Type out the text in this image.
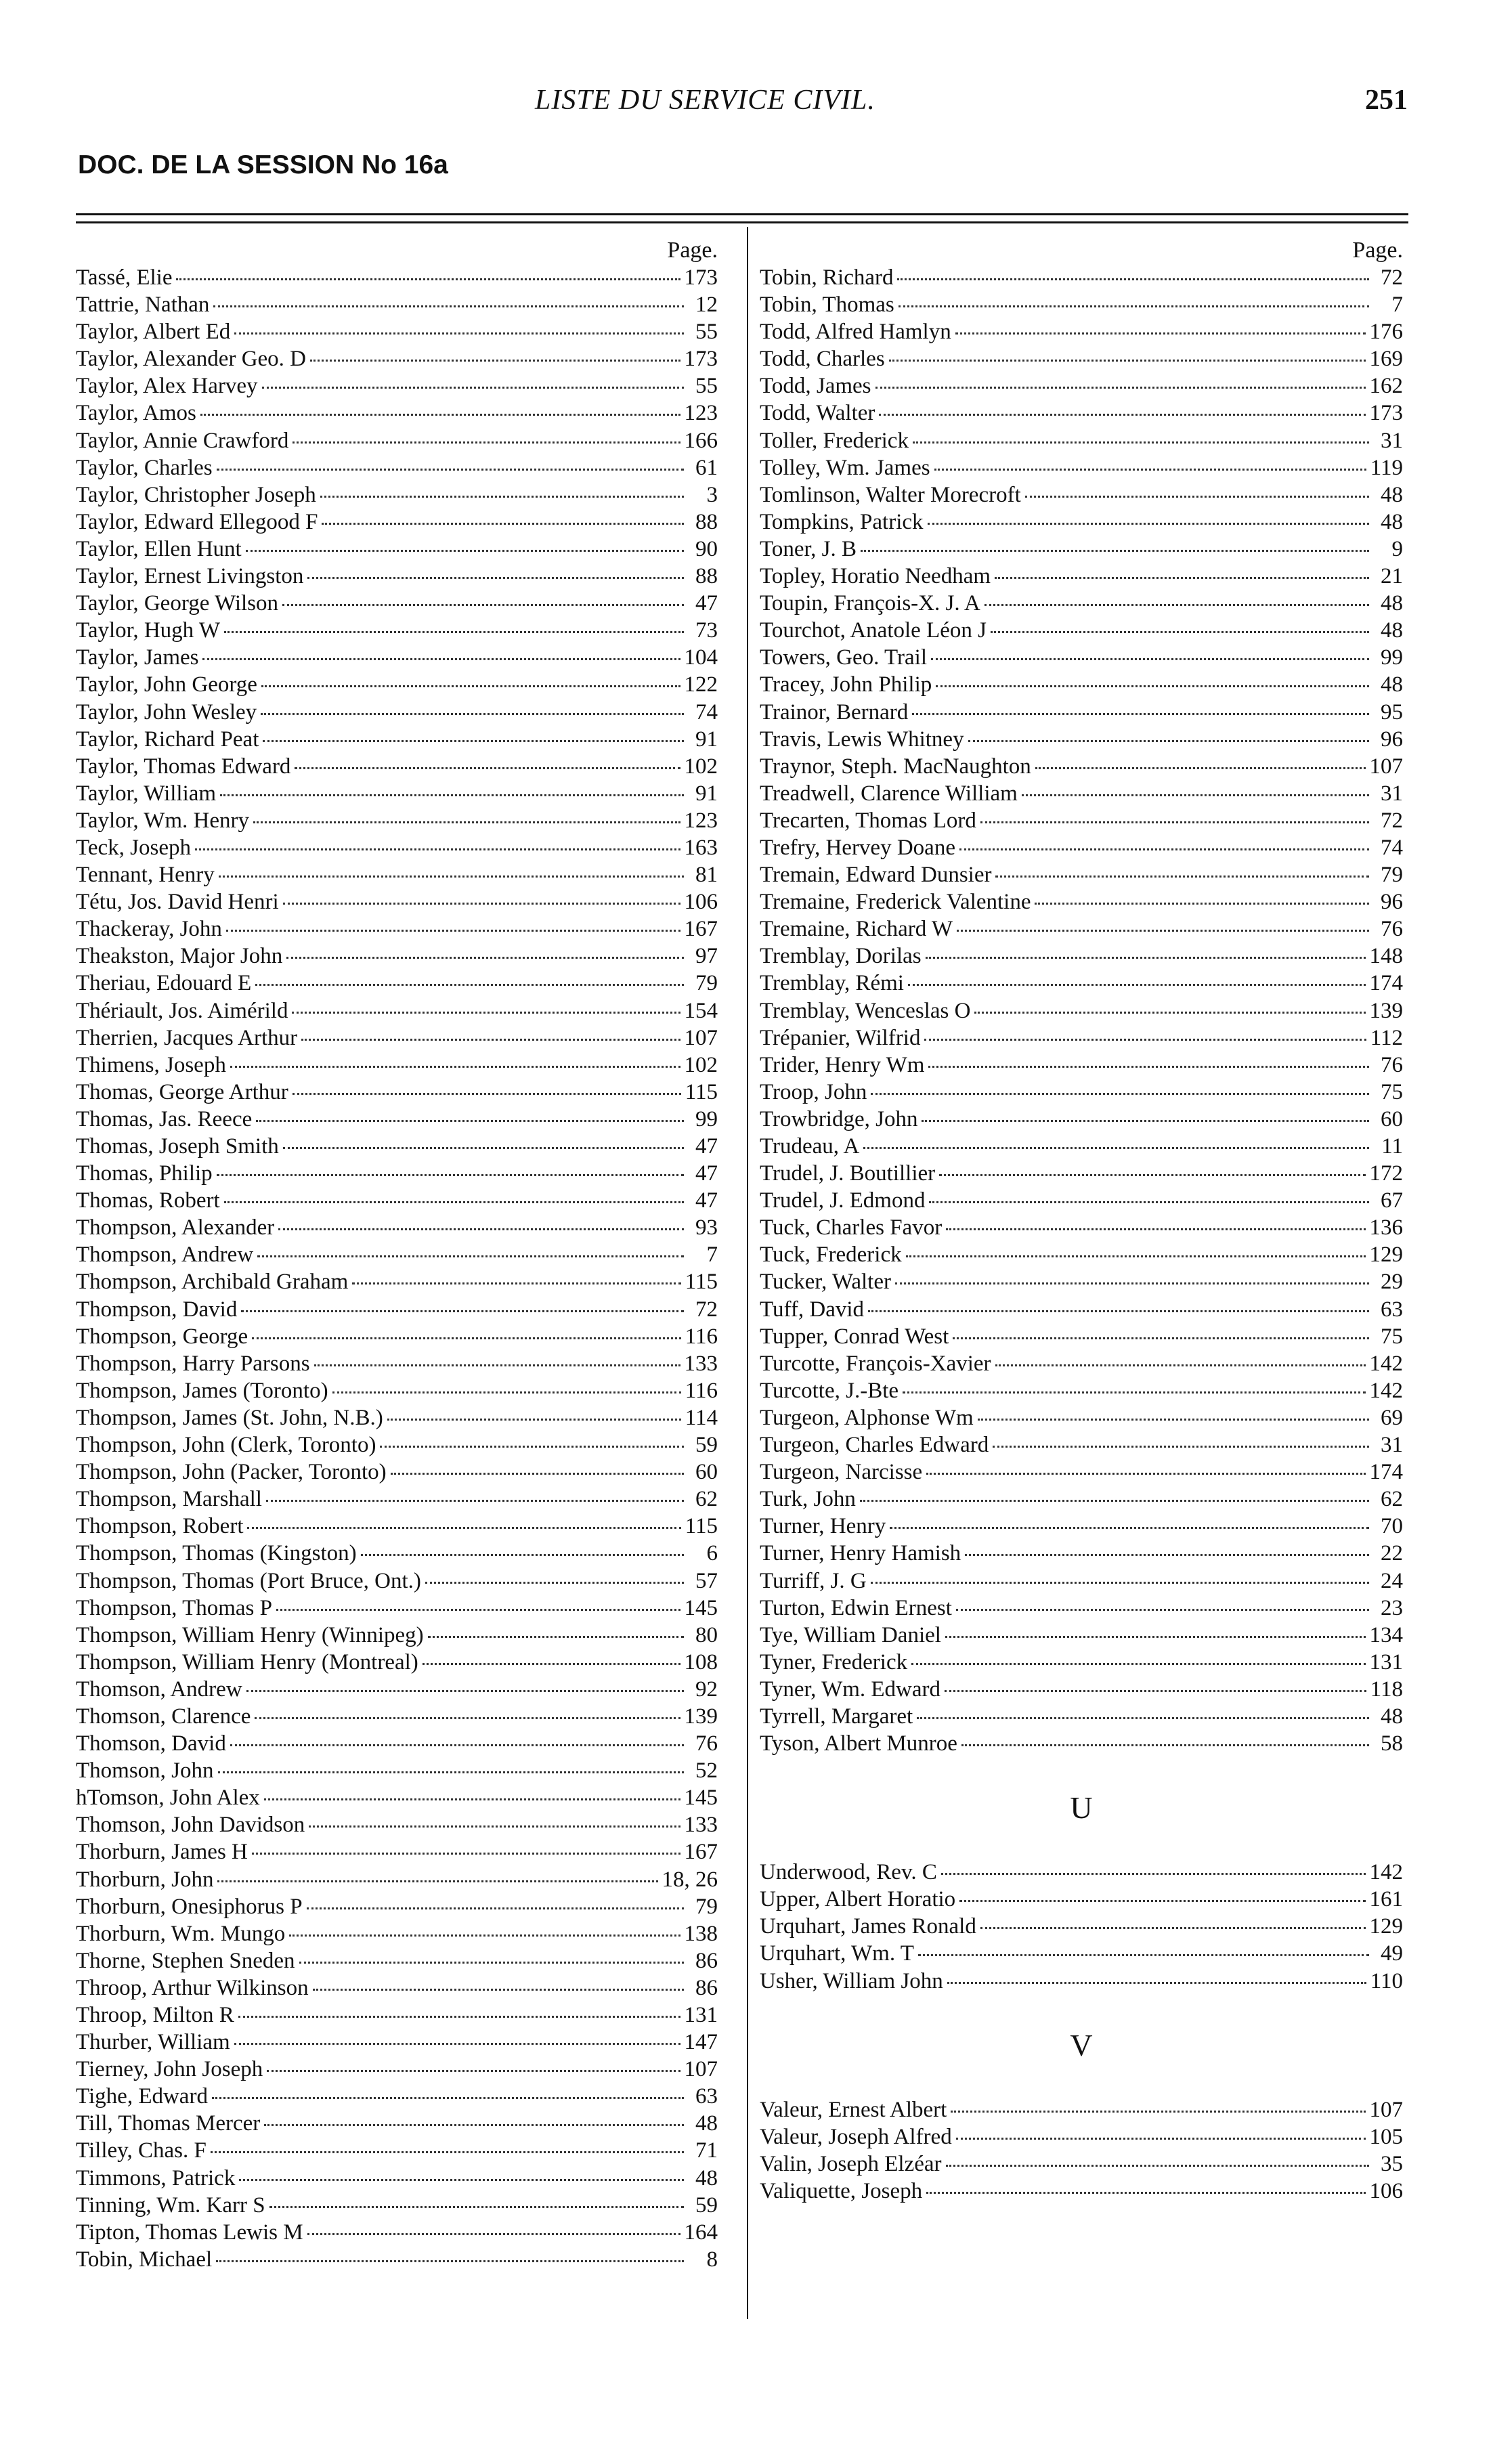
LISTE DU SERVICE CIVIL.	251
DOC. DE LA SESSION No 16a
Page.
Tassé, Elie	173
Tattrie, Nathan	12
Taylor, Albert Ed	55
Taylor, Alexander Geo. D	173
Taylor, Alex Harvey	55
Taylor, Amos	123
Taylor, Annie Crawford	166
Taylor, Charles	61
Taylor, Christopher Joseph	3
Taylor, Edward Ellegood F	88
Taylor, Ellen Hunt	90
Taylor, Ernest Livingston	88
Taylor, George Wilson	47
Taylor, Hugh W	73
Taylor, James	104
Taylor, John George	122
Taylor, John Wesley	74
Taylor, Richard Peat	91
Taylor, Thomas Edward	102
Taylor, William	91
Taylor, Wm. Henry	123
Teck, Joseph	163
Tennant, Henry	81
Tétu, Jos. David Henri	106
Thackeray, John	167
Theakston, Major John	97
Theriau, Edouard E	79
Thériault, Jos. Aimérild	154
Therrien, Jacques Arthur	107
Thimens, Joseph	102
Thomas, George Arthur	115
Thomas, Jas. Reece	99
Thomas, Joseph Smith	47
Thomas, Philip	47
Thomas, Robert	47
Thompson, Alexander	93
Thompson, Andrew	7
Thompson, Archibald Graham	115
Thompson, David	72
Thompson, George	116
Thompson, Harry Parsons	133
Thompson, James (Toronto)	116
Thompson, James (St. John, N.B.)	114
Thompson, John (Clerk, Toronto)	59
Thompson, John (Packer, Toronto)	60
Thompson, Marshall	62
Thompson, Robert	115
Thompson, Thomas (Kingston)	6
Thompson, Thomas (Port Bruce, Ont.)	57
Thompson, Thomas P	145
Thompson, William Henry (Winnipeg)	80
Thompson, William Henry (Montreal)	108
Thomson, Andrew	92
Thomson, Clarence	139
Thomson, David	76
Thomson, John	52
hTomson, John Alex	145
Thomson, John Davidson	133
Thorburn, James H	167
Thorburn, John	18, 26
Thorburn, Onesiphorus P	79
Thorburn, Wm. Mungo	138
Thorne, Stephen Sneden	86
Throop, Arthur Wilkinson	86
Throop, Milton R	131
Thurber, William	147
Tierney, John Joseph	107
Tighe, Edward	63
Till, Thomas Mercer	48
Tilley, Chas. F	71
Timmons, Patrick	48
Tinning, Wm. Karr S	59
Tipton, Thomas Lewis M	164
Tobin, Michael	8
Page.
Tobin, Richard	72
Tobin, Thomas	7
Todd, Alfred Hamlyn	176
Todd, Charles	169
Todd, James	162
Todd, Walter	173
Toller, Frederick	31
Tolley, Wm. James	119
Tomlinson, Walter Morecroft	48
Tompkins, Patrick	48
Toner, J. B	9
Topley, Horatio Needham	21
Toupin, François-X. J. A	48
Tourchot, Anatole Léon J	48
Towers, Geo. Trail	99
Tracey, John Philip	48
Trainor, Bernard	95
Travis, Lewis Whitney	96
Traynor, Steph. MacNaughton	107
Treadwell, Clarence William	31
Trecarten, Thomas Lord	72
Trefry, Hervey Doane	74
Tremain, Edward Dunsier	79
Tremaine, Frederick Valentine	96
Tremaine, Richard W	76
Tremblay, Dorilas	148
Tremblay, Rémi	174
Tremblay, Wenceslas O	139
Trépanier, Wilfrid	112
Trider, Henry Wm	76
Troop, John	75
Trowbridge, John	60
Trudeau, A	11
Trudel, J. Boutillier	172
Trudel, J. Edmond	67
Tuck, Charles Favor	136
Tuck, Frederick	129
Tucker, Walter	29
Tuff, David	63
Tupper, Conrad West	75
Turcotte, François-Xavier	142
Turcotte, J.-Bte	142
Turgeon, Alphonse Wm	69
Turgeon, Charles Edward	31
Turgeon, Narcisse	174
Turk, John	62
Turner, Henry	70
Turner, Henry Hamish	22
Turriff, J. G	24
Turton, Edwin Ernest	23
Tye, William Daniel	134
Tyner, Frederick	131
Tyner, Wm. Edward	118
Tyrrell, Margaret	48
Tyson, Albert Munroe	58
U
Underwood, Rev. C	142
Upper, Albert Horatio	161
Urquhart, James Ronald	129
Urquhart, Wm. T	49
Usher, William John	110
V
Valeur, Ernest Albert	107
Valeur, Joseph Alfred	105
Valin, Joseph Elzéar	35
Valiquette, Joseph	106
